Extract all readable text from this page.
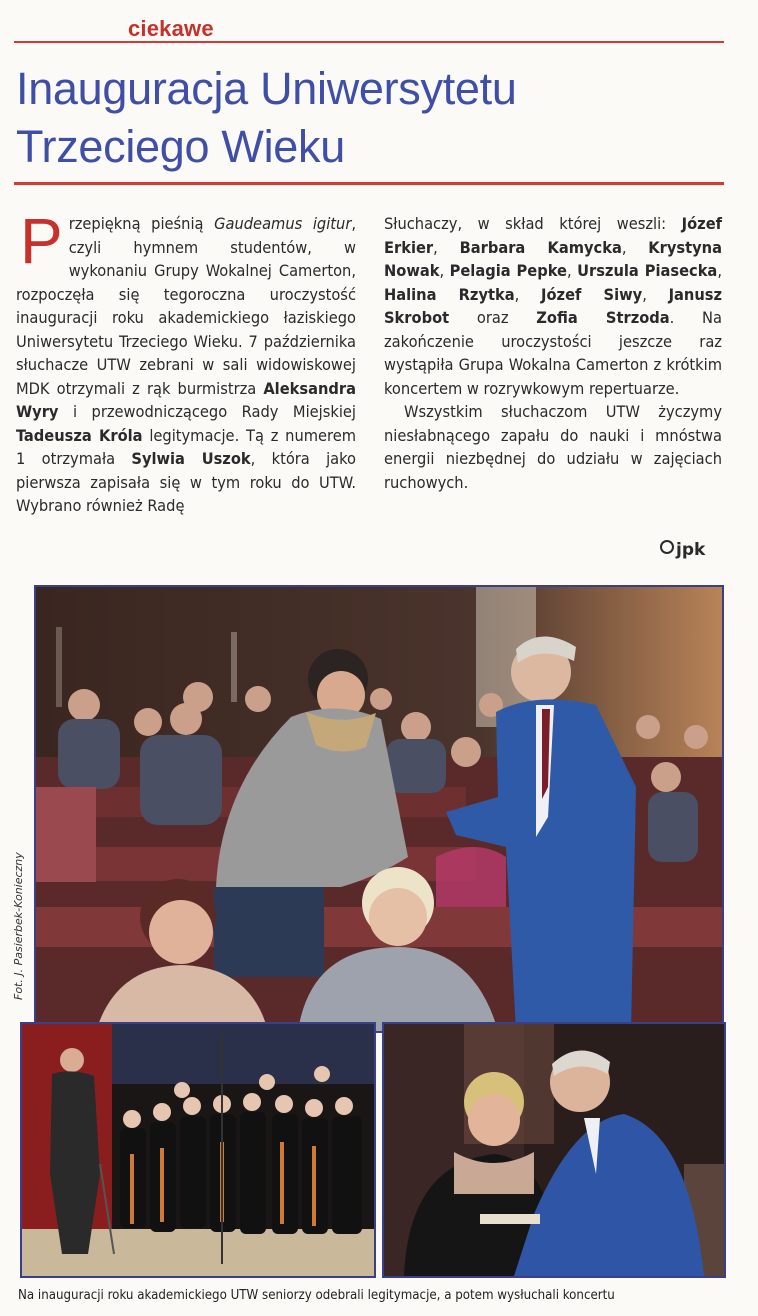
ciekawe
Inauguracja Uniwersytetu
Trzeciego Wieku

Przepiękną pieśnią Gaudeamus igitur, czyli hymnem studentów, w wykonaniu Grupy Wokalnej Camerton, rozpoczęła się tegoroczna uroczystość inauguracji roku akademickiego łaziskiego Uniwersytetu Trzeciego Wieku. 7 października słuchacze UTW zebrani w sali widowiskowej MDK otrzymali z rąk burmistrza Aleksandra Wyry i przewodniczącego Rady Miejskiej Tadeusza Króla legitymacje. Tą z numerem 1 otrzymała Sylwia Uszok, która jako pierwsza zapisała się w tym roku do UTW. Wybrano również Radę

Słuchaczy, w skład której weszli: Józef Erkier, Barbara Kamycka, Krystyna Nowak, Pelagia Pepke, Urszula Piasecka, Halina Rzytka, Józef Siwy, Janusz Skrobot oraz Zofia Strzoda. Na zakończenie uroczystości jeszcze raz wystąpiła Grupa Wokalna Camerton z krótkim koncertem w rozrywkowym repertuarze.

Wszystkim słuchaczom UTW życzymy niesłabnącego zapału do nauki i mnóstwa energii niezbędnej do udziału w zajęciach ruchowych.

jpk
Fot. J. Pasierbek-Konieczny
Na inauguracji roku akademickiego UTW seniorzy odebrali legitymacje, a potem wysłuchali koncertu
